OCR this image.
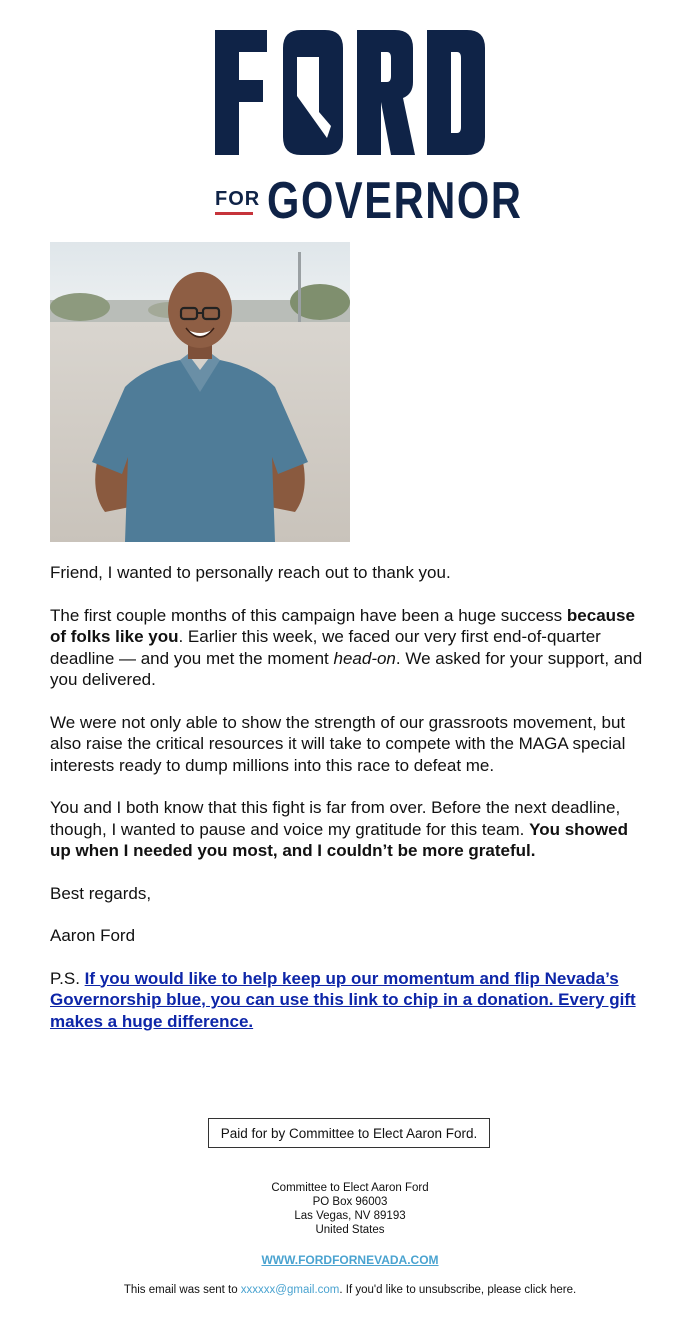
FOR GOVERNOR

Friend, I wanted to personally reach out to thank you.

The first couple months of this campaign have been a huge success because of folks like you. Earlier this week, we faced our very first end-of-quarter deadline — and you met the moment head-on. We asked for your support, and you delivered.

We were not only able to show the strength of our grassroots movement, but also raise the critical resources it will take to compete with the MAGA special interests ready to dump millions into this race to defeat me.

You and I both know that this fight is far from over. Before the next deadline, though, I wanted to pause and voice my gratitude for this team. You showed up when I needed you most, and I couldn’t be more grateful.

Best regards,

Aaron Ford

P.S. If you would like to help keep up our momentum and flip Nevada’s Governorship blue, you can use this link to chip in a donation. Every gift makes a huge difference.

Paid for by Committee to Elect Aaron Ford.
Committee to Elect Aaron Ford
PO Box 96003
Las Vegas, NV 89193
United States
WWW.FORDFORNEVADA.COM
This email was sent to xxxxxx@gmail.com. If you'd like to unsubscribe, please click here.
